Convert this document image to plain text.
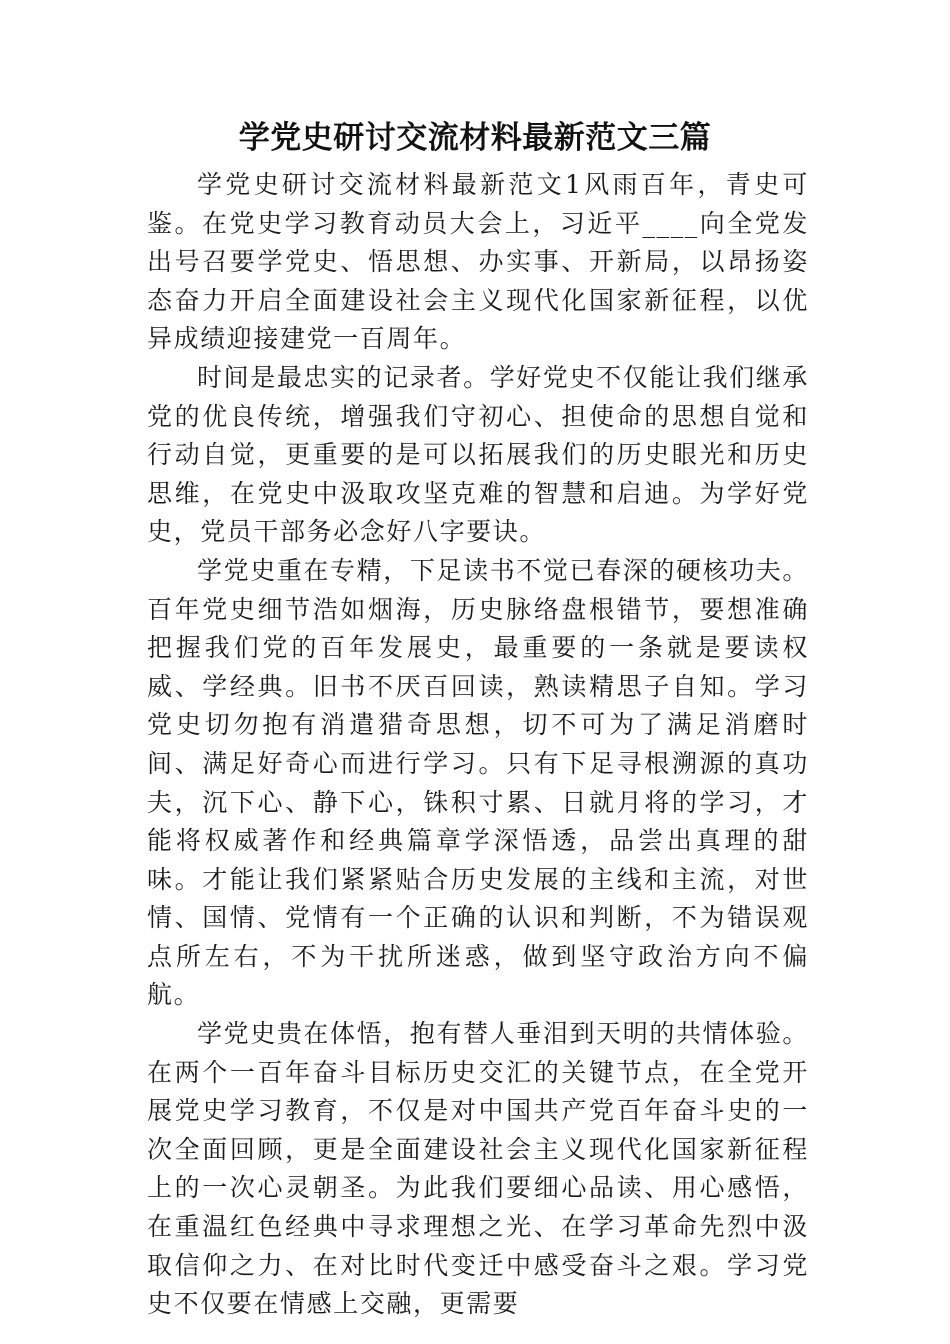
学党史研讨交流材料最新范文三篇

学党史研讨交流材料最新范文1风雨百年，青史可鉴。在党史学习教育动员大会上，习近平____向全党发出号召要学党史、悟思想、办实事、开新局，以昂扬姿态奋力开启全面建设社会主义现代化国家新征程，以优异成绩迎接建党一百周年。

时间是最忠实的记录者。学好党史不仅能让我们继承党的优良传统，增强我们守初心、担使命的思想自觉和行动自觉，更重要的是可以拓展我们的历史眼光和历史思维，在党史中汲取攻坚克难的智慧和启迪。为学好党史，党员干部务必念好八字要诀。

学党史重在专精，下足读书不觉已春深的硬核功夫。百年党史细节浩如烟海，历史脉络盘根错节，要想准确把握我们党的百年发展史，最重要的一条就是要读权威、学经典。旧书不厌百回读，熟读精思子自知。学习党史切勿抱有消遣猎奇思想，切不可为了满足消磨时间、满足好奇心而进行学习。只有下足寻根溯源的真功夫，沉下心、静下心，铢积寸累、日就月将的学习，才能将权威著作和经典篇章学深悟透，品尝出真理的甜味。才能让我们紧紧贴合历史发展的主线和主流，对世情、国情、党情有一个正确的认识和判断，不为错误观点所左右，不为干扰所迷惑，做到坚守政治方向不偏航。

学党史贵在体悟，抱有替人垂泪到天明的共情体验。在两个一百年奋斗目标历史交汇的关键节点，在全党开展党史学习教育，不仅是对中国共产党百年奋斗史的一次全面回顾，更是全面建设社会主义现代化国家新征程上的一次心灵朝圣。为此我们要细心品读、用心感悟，在重温红色经典中寻求理想之光、在学习革命先烈中汲取信仰之力、在对比时代变迁中感受奋斗之艰。学习党史不仅要在情感上交融，更需要
